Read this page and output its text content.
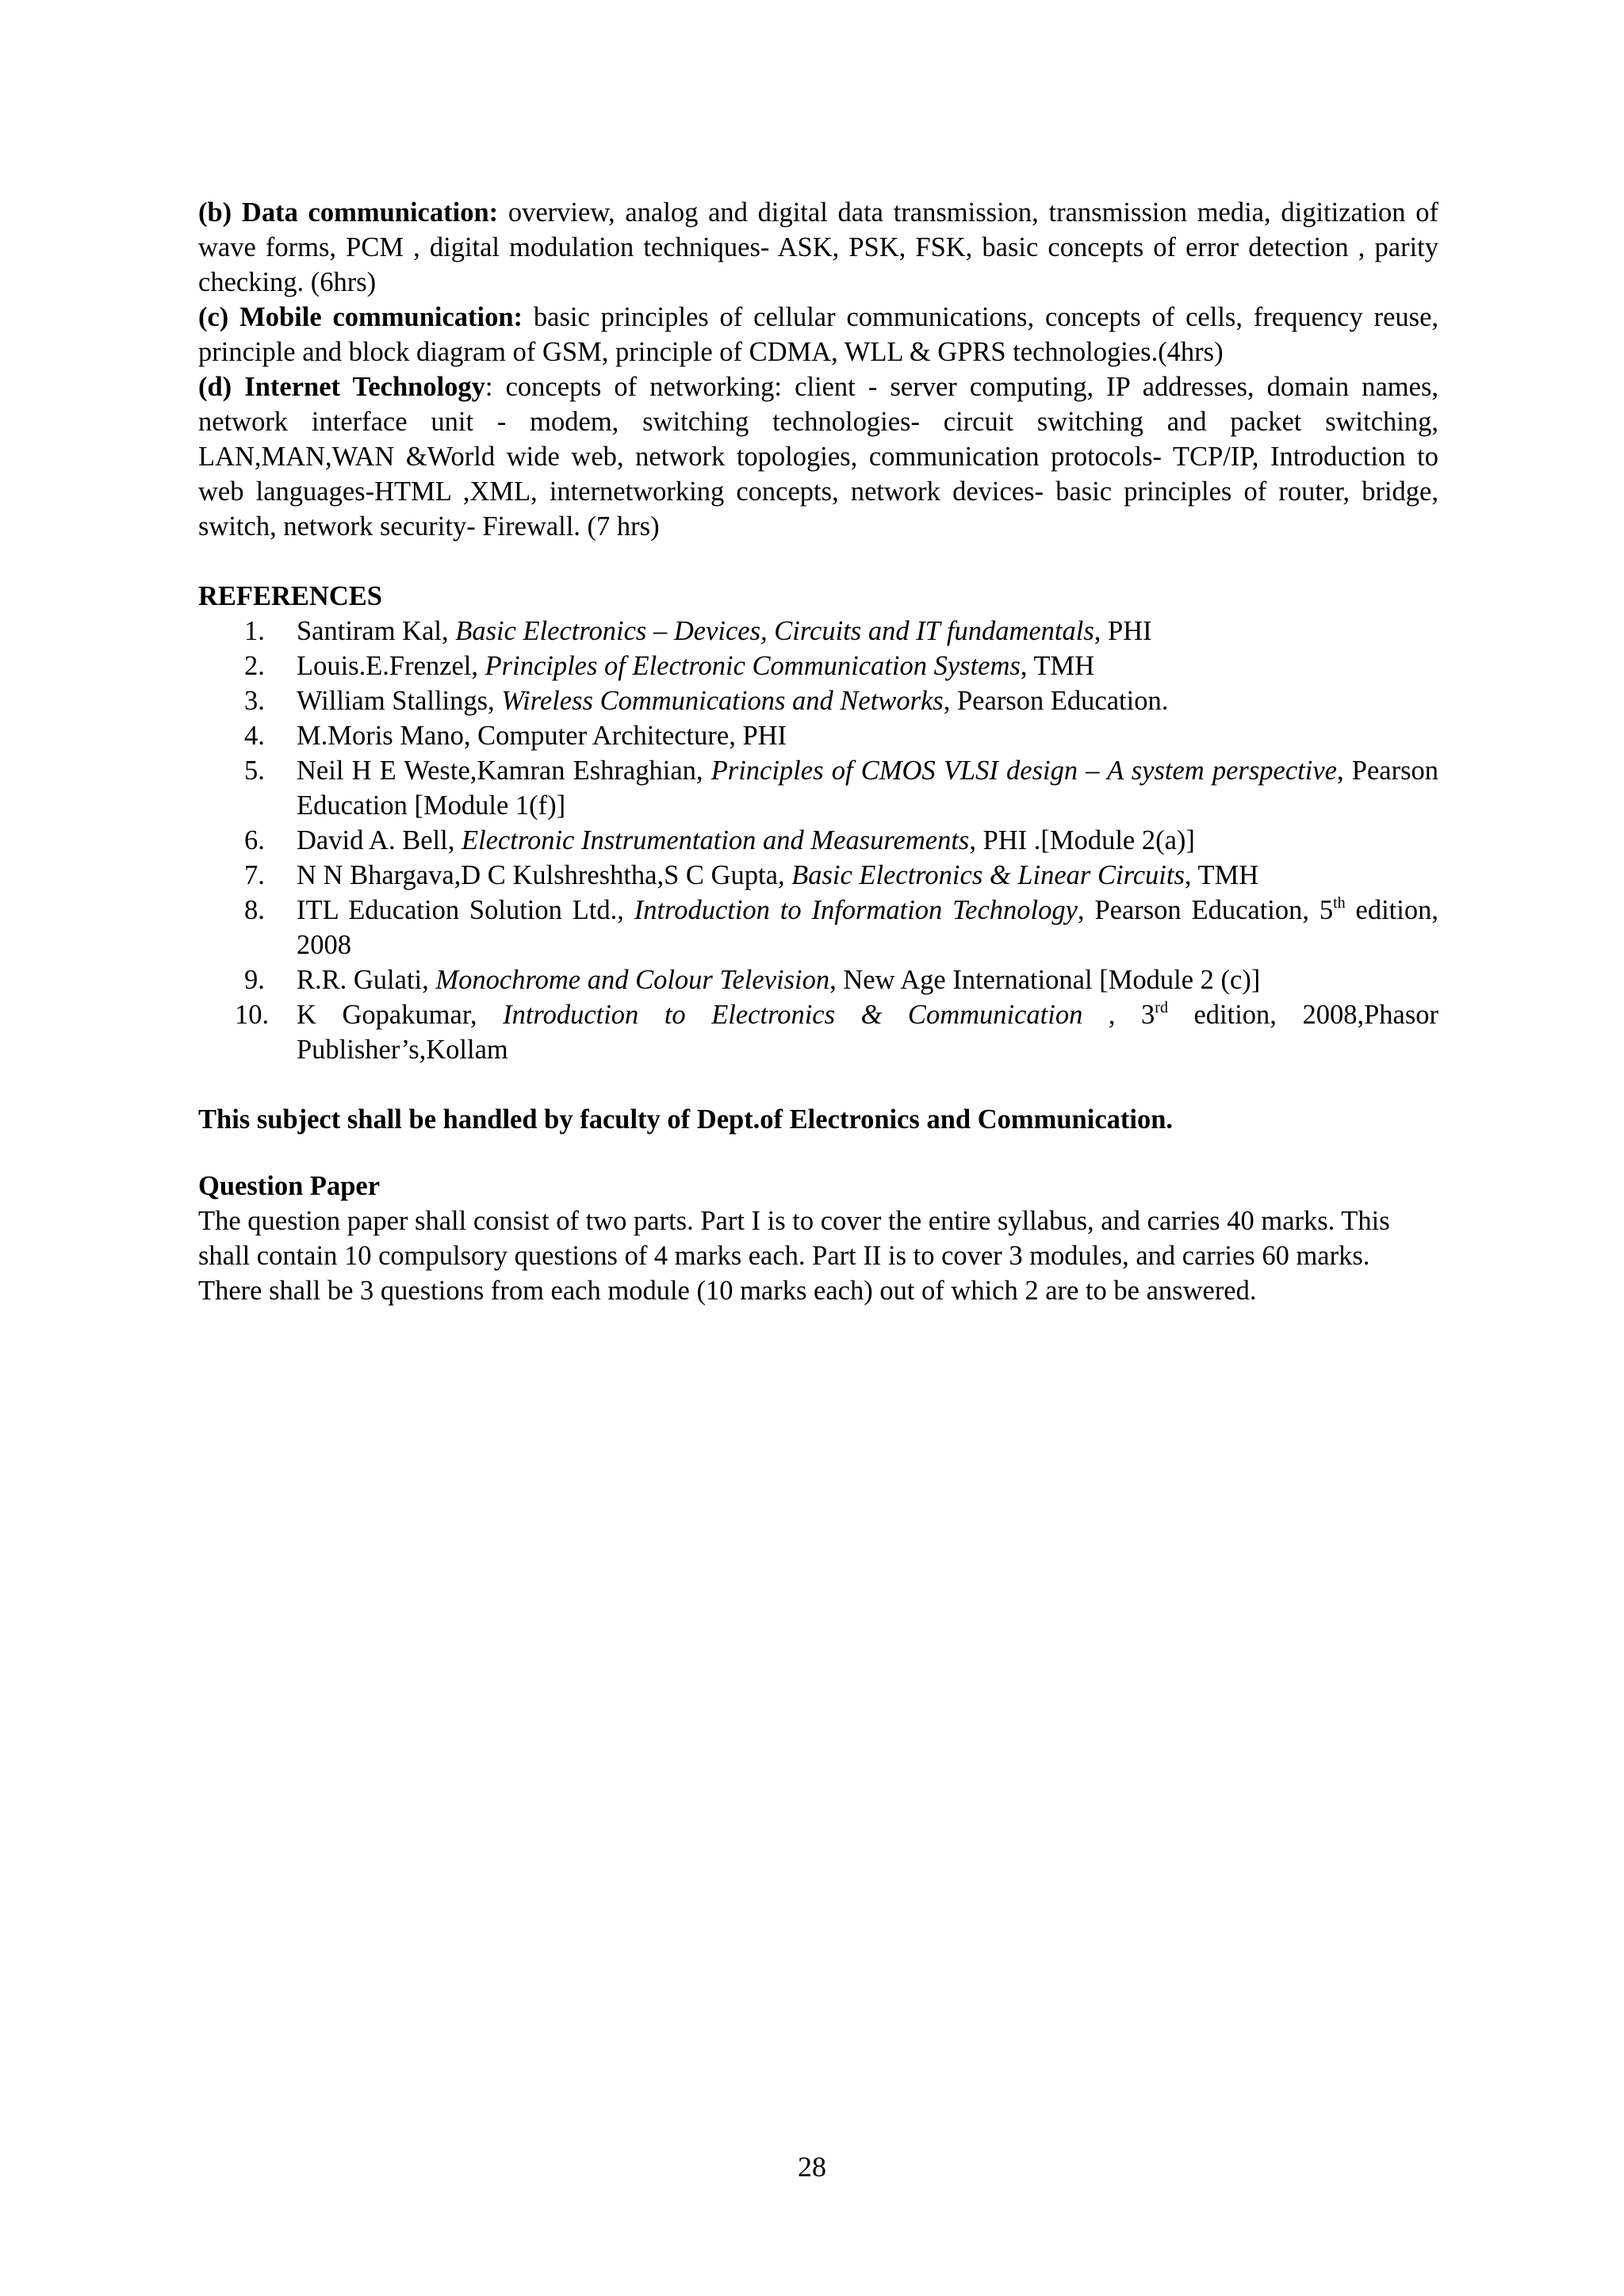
(b) Data communication: overview, analog and digital data transmission, transmission media, digitization of wave forms, PCM , digital modulation techniques- ASK, PSK, FSK, basic concepts of error detection , parity checking. (6hrs)

(c) Mobile communication: basic principles of cellular communications, concepts of cells, frequency reuse, principle and block diagram of GSM, principle of CDMA, WLL & GPRS technologies.(4hrs)

(d) Internet Technology: concepts of networking: client - server computing, IP addresses, domain names, network interface unit - modem, switching technologies- circuit switching and packet switching, LAN,MAN,WAN &World wide web, network topologies, communication protocols- TCP/IP, Introduction to web languages-HTML ,XML, internetworking concepts, network devices- basic principles of router, bridge, switch, network security- Firewall. (7 hrs)

REFERENCES

1.	Santiram Kal, Basic Electronics – Devices, Circuits and IT fundamentals, PHI
2.	Louis.E.Frenzel, Principles of Electronic Communication Systems, TMH
3.	William Stallings, Wireless Communications and Networks, Pearson Education.
4.	M.Moris Mano, Computer Architecture, PHI
5.	Neil H E Weste,Kamran Eshraghian, Principles of CMOS VLSI design – A system perspective, Pearson Education [Module 1(f)]
6.	David A. Bell, Electronic Instrumentation and Measurements, PHI .[Module 2(a)]
7.	N N Bhargava,D C Kulshreshtha,S C Gupta, Basic Electronics & Linear Circuits, TMH
8.	ITL Education Solution Ltd., Introduction to Information Technology, Pearson Education, 5th edition, 2008
9.	R.R. Gulati, Monochrome and Colour Television, New Age International [Module 2 (c)]
10.	K Gopakumar, Introduction to Electronics & Communication , 3rd edition, 2008,Phasor Publisher’s,Kollam

This subject shall be handled by faculty of Dept.of Electronics and Communication.

Question Paper

The question paper shall consist of two parts. Part I is to cover the entire syllabus, and carries 40 marks. This shall contain 10 compulsory questions of 4 marks each. Part II is to cover 3 modules, and carries 60 marks. There shall be 3 questions from each module (10 marks each) out of which 2 are to be answered.

28
